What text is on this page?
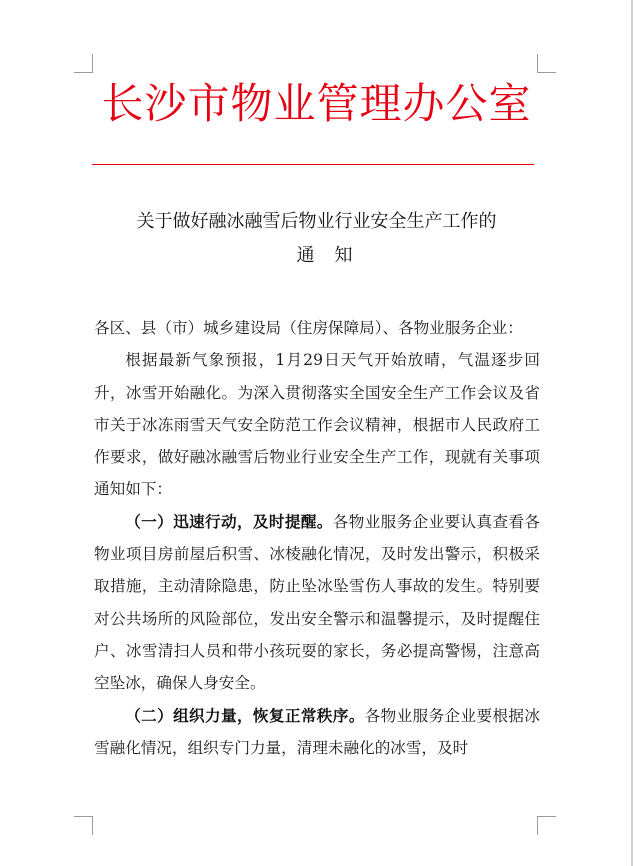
长沙市物业管理办公室
关于做好融冰融雪后物业行业安全生产工作的
通知

各区、县（市）城乡建设局（住房保障局）、各物业服务企业：

根据最新气象预报，1月29日天气开始放晴，气温逐步回升，冰雪开始融化。为深入贯彻落实全国安全生产工作会议及省市关于冰冻雨雪天气安全防范工作会议精神，根据市人民政府工作要求，做好融冰融雪后物业行业安全生产工作，现就有关事项通知如下：

（一）迅速行动，及时提醒。各物业服务企业要认真查看各物业项目房前屋后积雪、冰棱融化情况，及时发出警示，积极采取措施，主动清除隐患，防止坠冰坠雪伤人事故的发生。特别要对公共场所的风险部位，发出安全警示和温馨提示，及时提醒住户、冰雪清扫人员和带小孩玩耍的家长，务必提高警惕，注意高空坠冰，确保人身安全。

（二）组织力量，恢复正常秩序。各物业服务企业要根据冰雪融化情况，组织专门力量，清理未融化的冰雪，及时
